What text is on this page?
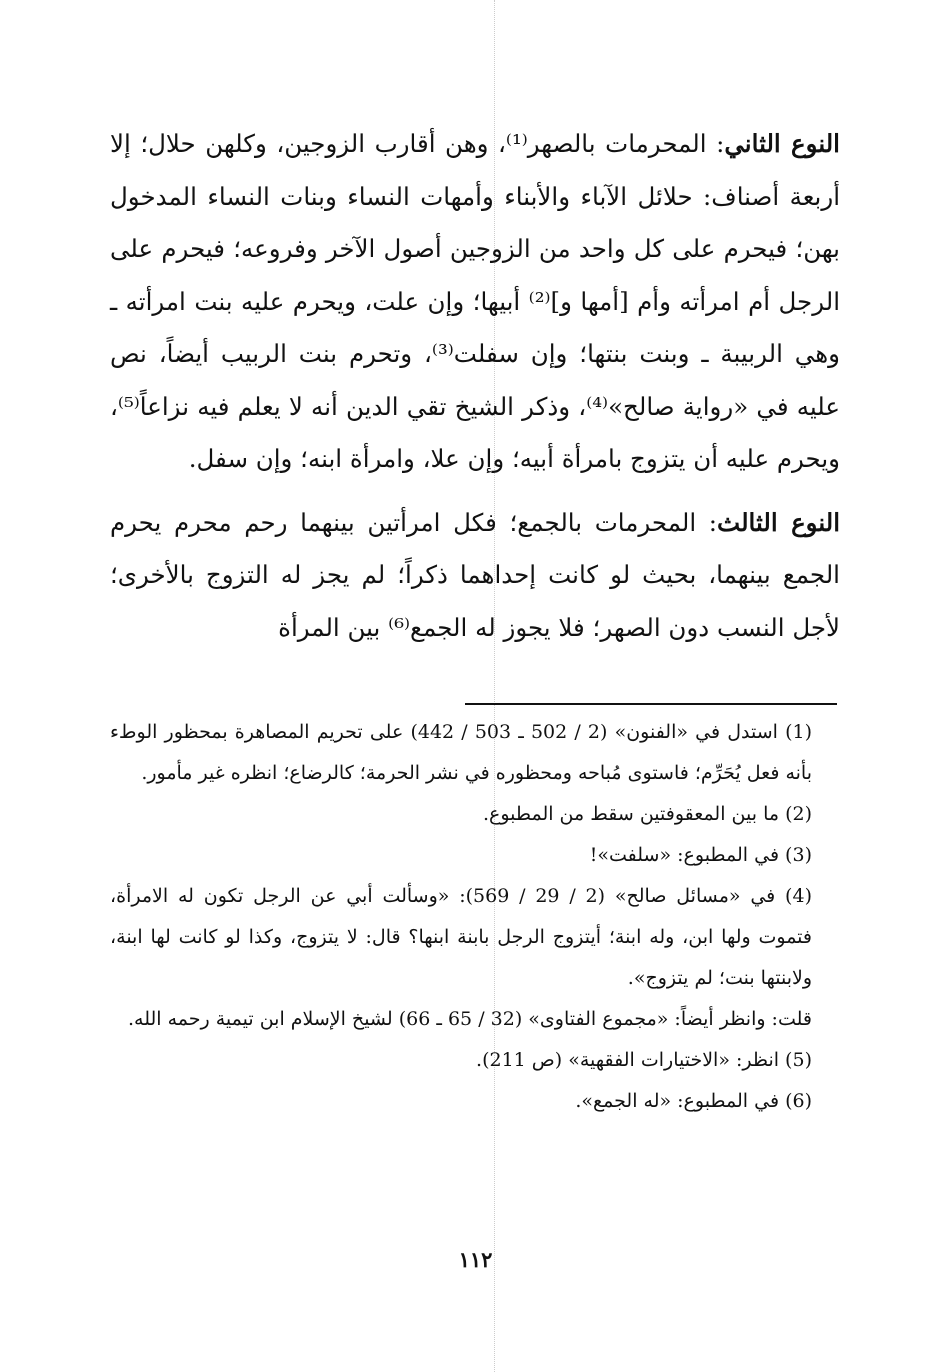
النوع الثاني: المحرمات بالصهر⁽¹⁾، وهن أقارب الزوجين، وكلهن حلال؛ إلا أربعة أصناف: حلائل الآباء والأبناء وأمهات النساء وبنات النساء المدخول بهن؛ فيحرم على كل واحد من الزوجين أصول الآخر وفروعه؛ فيحرم على الرجل أم امرأته وأم [أمها و]⁽²⁾ أبيها؛ وإن علت، ويحرم عليه بنت امرأته ـ وهي الربيبة ـ وبنت بنتها؛ وإن سفلت⁽³⁾، وتحرم بنت الربيب أيضاً، نص عليه في «رواية صالح»⁽⁴⁾، وذكر الشيخ تقي الدين أنه لا يعلم فيه نزاعاً⁽⁵⁾، ويحرم عليه أن يتزوج بامرأة أبيه؛ وإن علا، وامرأة ابنه؛ وإن سفل.

النوع الثالث: المحرمات بالجمع؛ فكل امرأتين بينهما رحم محرم يحرم الجمع بينهما، بحيث لو كانت إحداهما ذكراً؛ لم يجز له التزوج بالأخرى؛ لأجل النسب دون الصهر؛ فلا يجوز له الجمع⁽⁶⁾ بين المرأة

(1) استدل في «الفنون» (2 / 502 ـ 503 / 442) على تحريم المصاهرة بمحظور الوطء بأنه فعل يُحَرِّم؛ فاستوى مُباحه ومحظوره في نشر الحرمة؛ كالرضاع؛ انظره غير مأمور.

(2) ما بين المعقوفتين سقط من المطبوع.

(3) في المطبوع: «سلفت»!

(4) في «مسائل صالح» (2 / 29 / 569): «وسألت أبي عن الرجل تكون له الامرأة، فتموت ولها ابن، وله ابنة؛ أيتزوج الرجل بابنة ابنها؟ قال: لا يتزوج، وكذا لو كانت لها ابنة، ولابنتها بنت؛ لم يتزوج».

قلت: وانظر أيضاً: «مجموع الفتاوى» (32 / 65 ـ 66) لشيخ الإسلام ابن تيمية رحمه الله.

(5) انظر: «الاختيارات الفقهية» (ص 211).

(6) في المطبوع: «له الجمع».

١١٢
